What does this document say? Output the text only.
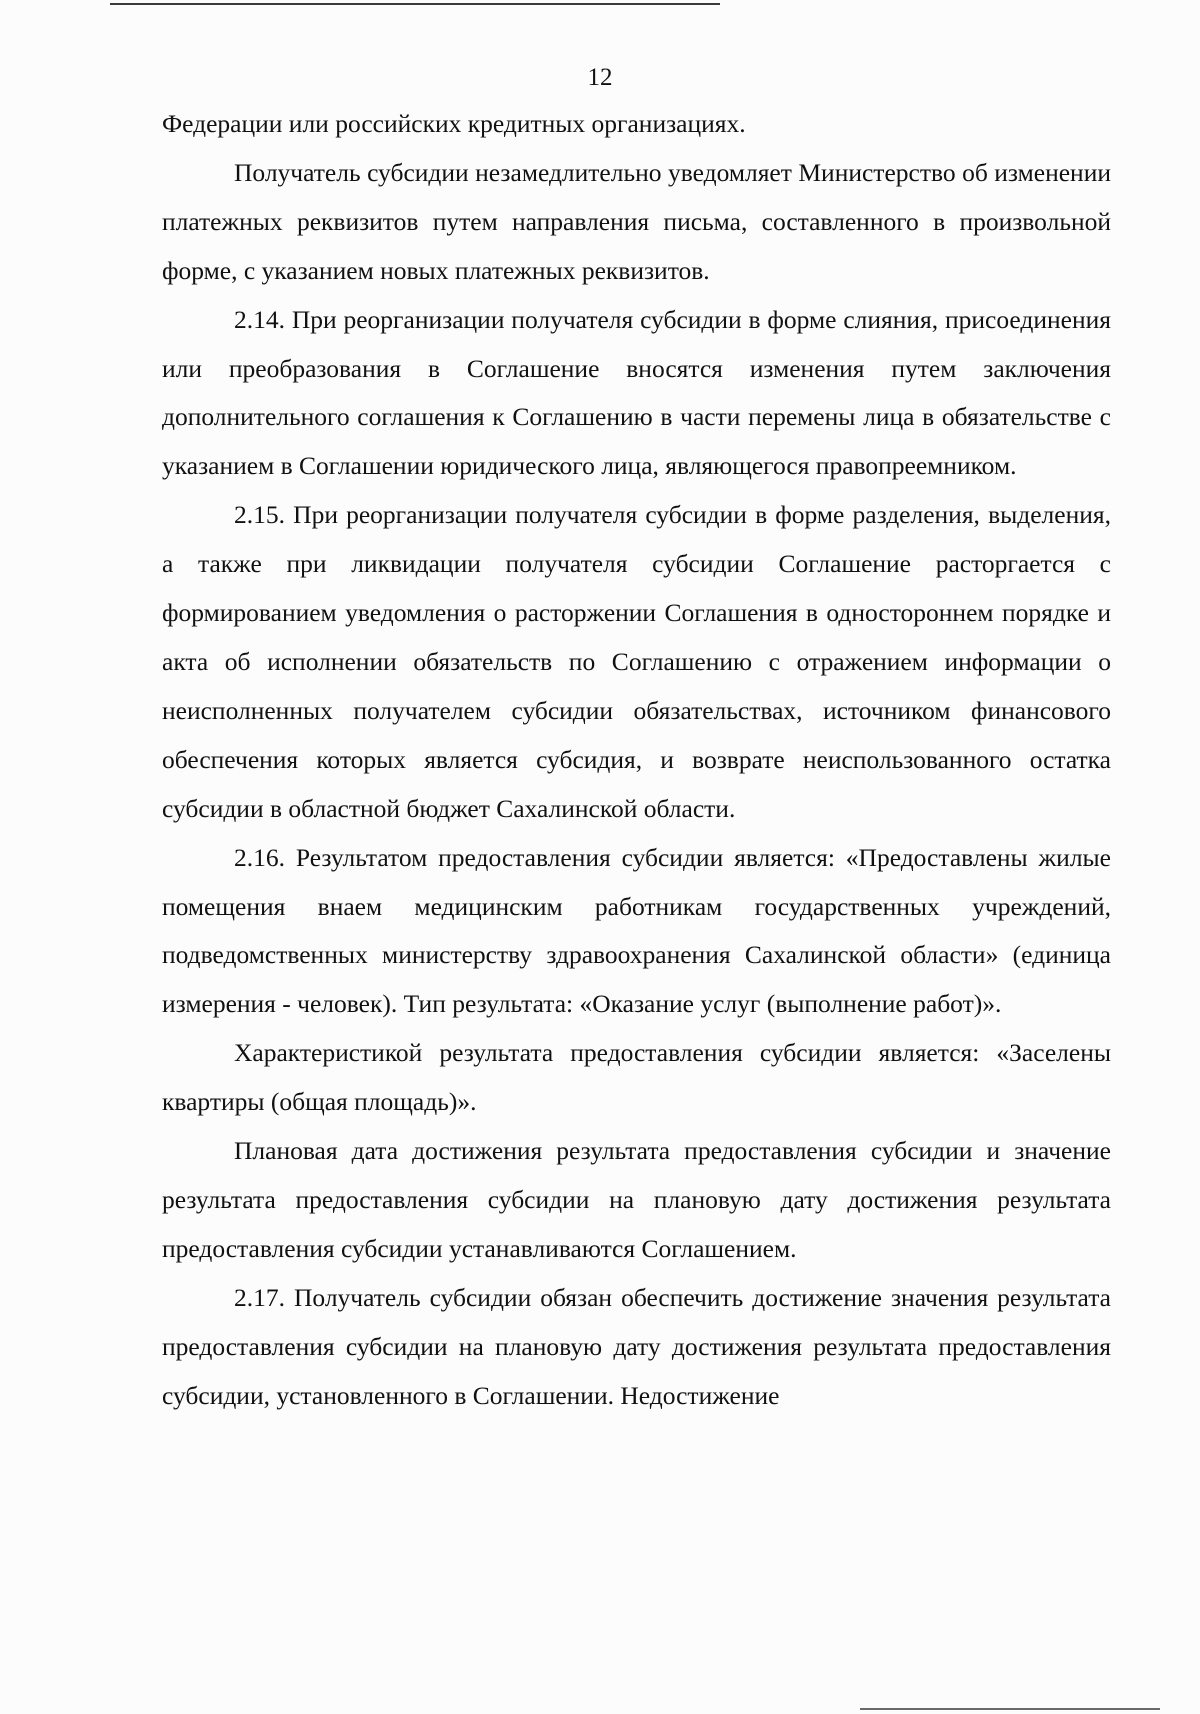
12

Федерации или российских кредитных организациях.

Получатель субсидии незамедлительно уведомляет Министерство об изменении платежных реквизитов путем направления письма, составленного в произвольной форме, с указанием новых платежных реквизитов.

2.14. При реорганизации получателя субсидии в форме слияния, присоединения или преобразования в Соглашение вносятся изменения путем заключения дополнительного соглашения к Соглашению в части перемены лица в обязательстве с указанием в Соглашении юридического лица, являющегося правопреемником.

2.15. При реорганизации получателя субсидии в форме разделения, выделения, а также при ликвидации получателя субсидии Соглашение расторгается с формированием уведомления о расторжении Соглашения в одностороннем порядке и акта об исполнении обязательств по Соглашению с отражением информации о неисполненных получателем субсидии обязательствах, источником финансового обеспечения которых является субсидия, и возврате неиспользованного остатка субсидии в областной бюджет Сахалинской области.

2.16. Результатом предоставления субсидии является: «Предоставлены жилые помещения внаем медицинским работникам государственных учреждений, подведомственных министерству здравоохранения Сахалинской области» (единица измерения - человек). Тип результата: «Оказание услуг (выполнение работ)».

Характеристикой результата предоставления субсидии является: «Заселены квартиры (общая площадь)».

Плановая дата достижения результата предоставления субсидии и значение результата предоставления субсидии на плановую дату достижения результата предоставления субсидии устанавливаются Соглашением.

2.17. Получатель субсидии обязан обеспечить достижение значения результата предоставления субсидии на плановую дату достижения результата предоставления субсидии, установленного в Соглашении. Недостижение
